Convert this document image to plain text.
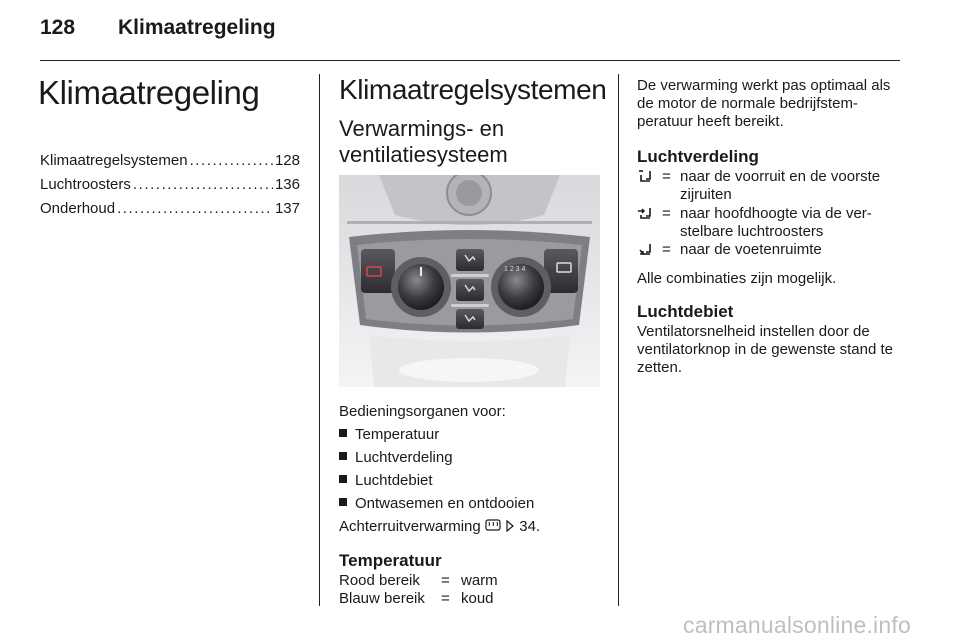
128 Klimaatregeling
Klimaatregeling
Klimaatregelsystemen . . .	128
Luchtroosters . . .	136
Onderhoud . . .	137
Klimaatregelsystemen
Verwarmings- en ventilatiesysteem
1 2 3 4
Bedieningsorganen voor:
Temperatuur
Luchtverdeling
Luchtdebiet
Ontwasemen en ontdooien
Achterruitverwarming	34.
Temperatuur
Rood bereik = warm
Blauw bereik = koud
De verwarming werkt pas optimaal als de motor de normale bedrijfstem-peratuur heeft bereikt.
Luchtverdeling
= naar de voorruit en de voorste
zijruiten
= naar hoofdhoogte via de ver-
stelbare luchtroosters
= naar de voetenruimte
Alle combinaties zijn mogelijk.
Luchtdebiet
Ventilatorsnelheid instellen door de ventilatorknop in de gewenste stand te zetten.
carmanualsonline.info
